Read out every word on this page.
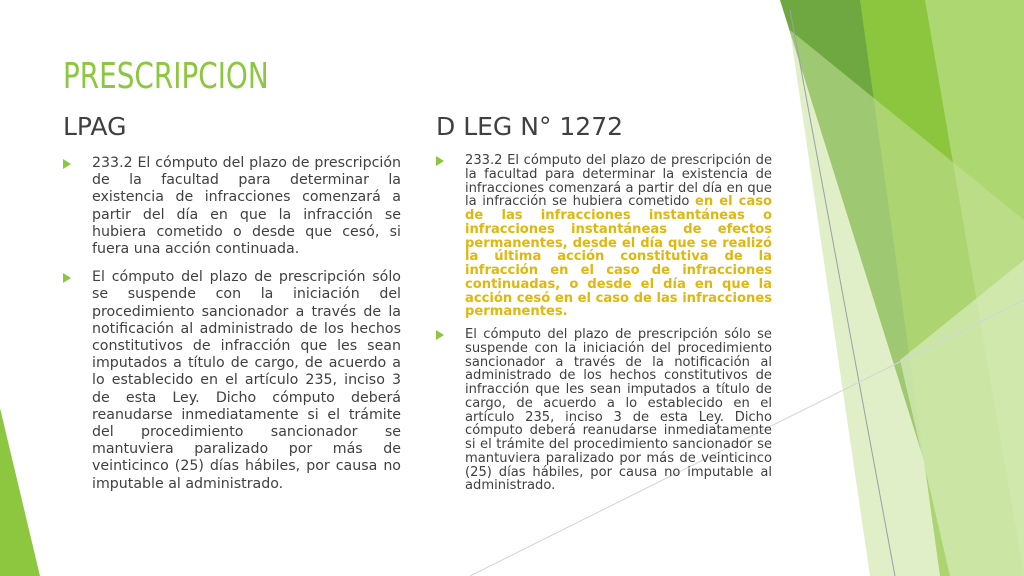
PRESCRIPCION
LPAG	D LEG N° 1272
233.2 El cómputo del plazo de prescripción de la facultad para determinar la existencia de infracciones comenzará a partir del día en que la infracción se hubiera cometido o desde que cesó, si fuera una acción continuada.
El cómputo del plazo de prescripción sólo se suspende con la iniciación del procedimiento sancionador a través de la notificación al administrado de los hechos constitutivos de infracción que les sean imputados a título de cargo, de acuerdo a lo establecido en el artículo 235, inciso 3 de esta Ley. Dicho cómputo deberá reanudarse inmediatamente si el trámite del procedimiento sancionador se mantuviera paralizado por más de veinticinco (25) días hábiles, por causa no imputable al administrado.
233.2 El cómputo del plazo de prescripción de la facultad para determinar la existencia de infracciones comenzará a partir del día en que la infracción se hubiera cometido en el caso de las infracciones instantáneas o infracciones instantáneas de efectos permanentes, desde el día que se realizó la última acción constitutiva de la infracción en el caso de infracciones continuadas, o desde el día en que la acción cesó en el caso de las infracciones permanentes.
El cómputo del plazo de prescripción sólo se suspende con la iniciación del procedimiento sancionador a través de la notificación al administrado de los hechos constitutivos de infracción que les sean imputados a título de cargo, de acuerdo a lo establecido en el artículo 235, inciso 3 de esta Ley. Dicho cómputo deberá reanudarse inmediatamente si el trámite del procedimiento sancionador se mantuviera paralizado por más de veinticinco (25) días hábiles, por causa no imputable al administrado.
